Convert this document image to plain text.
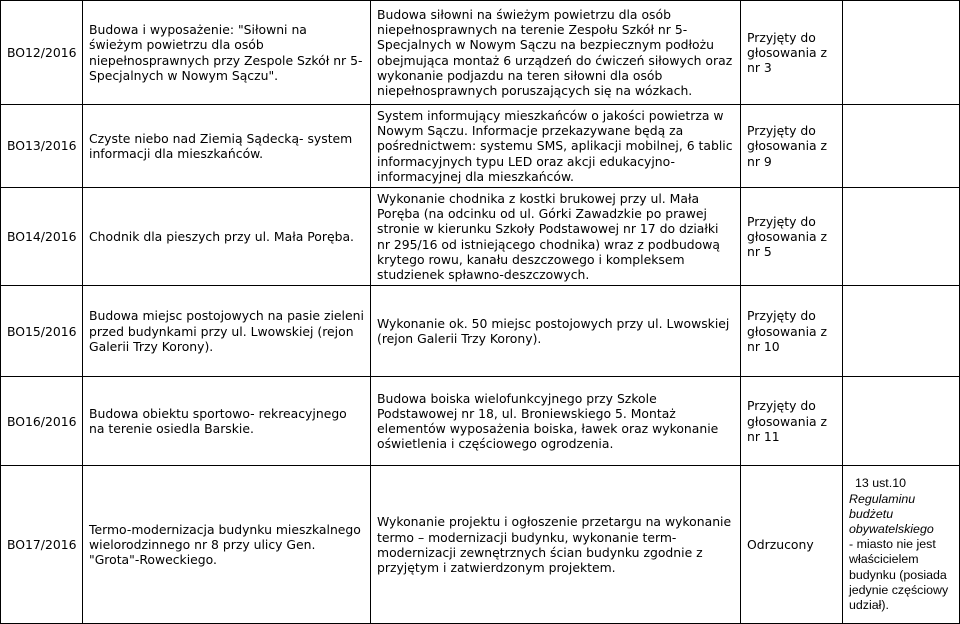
BO12/2016	Budowa i wyposażenie: "Siłowni na świeżym powietrzu dla osób niepełnosprawnych przy Zespole Szkół nr 5- Specjalnych w Nowym Sączu".	Budowa siłowni na świeżym powietrzu dla osób niepełnosprawnych na terenie Zespołu Szkół nr 5- Specjalnych w Nowym Sączu na bezpiecznym podłożu obejmująca montaż 6 urządzeń do ćwiczeń siłowych oraz wykonanie podjazdu na teren siłowni dla osób niepełnosprawnych poruszających się na wózkach.	Przyjęty do głosowania z nr 3	
BO13/2016	Czyste niebo nad Ziemią Sądecką- system informacji dla mieszkańców.	System informujący mieszkańców o jakości powietrza w Nowym Sączu. Informacje przekazywane będą za pośrednictwem: systemu SMS, aplikacji mobilnej, 6 tablic informacyjnych typu LED oraz akcji edukacyjno-informacyjnej dla mieszkańców.	Przyjęty do głosowania z nr 9	
BO14/2016	Chodnik dla pieszych przy ul. Mała Poręba.	Wykonanie chodnika z kostki brukowej przy ul. Mała Poręba (na odcinku od ul. Górki Zawadzkie po prawej stronie w kierunku Szkoły Podstawowej nr 17 do działki nr 295/16 od istniejącego chodnika) wraz z podbudową krytego rowu, kanału deszczowego i kompleksem studzienek spławno-deszczowych.	Przyjęty do głosowania z nr 5	
BO15/2016	Budowa miejsc postojowych na pasie zieleni przed budynkami przy ul. Lwowskiej (rejon Galerii Trzy Korony).	Wykonanie ok. 50 miejsc postojowych przy ul. Lwowskiej (rejon Galerii Trzy Korony).	Przyjęty do głosowania z nr 10	
BO16/2016	Budowa obiektu sportowo- rekreacyjnego na terenie osiedla Barskie.	Budowa boiska wielofunkcyjnego przy Szkole Podstawowej nr 18, ul. Broniewskiego 5. Montaż elementów wyposażenia boiska, ławek oraz wykonanie oświetlenia i częściowego ogrodzenia.	Przyjęty do głosowania z nr 11	
BO17/2016	Termo-modernizacja budynku mieszkalnego wielorodzinnego nr 8 przy ulicy Gen. "Grota"-Roweckiego.	Wykonanie projektu i ogłoszenie przetargu na wykonanie termo – modernizacji budynku, wykonanie term-modernizacji zewnętrznych ścian budynku zgodnie z przyjętym i zatwierdzonym projektem.	Odrzucony	13 ust.10
Regulaminu budżetu obywatelskiego
- miasto nie jest właścicielem budynku (posiada jedynie częściowy udział).
